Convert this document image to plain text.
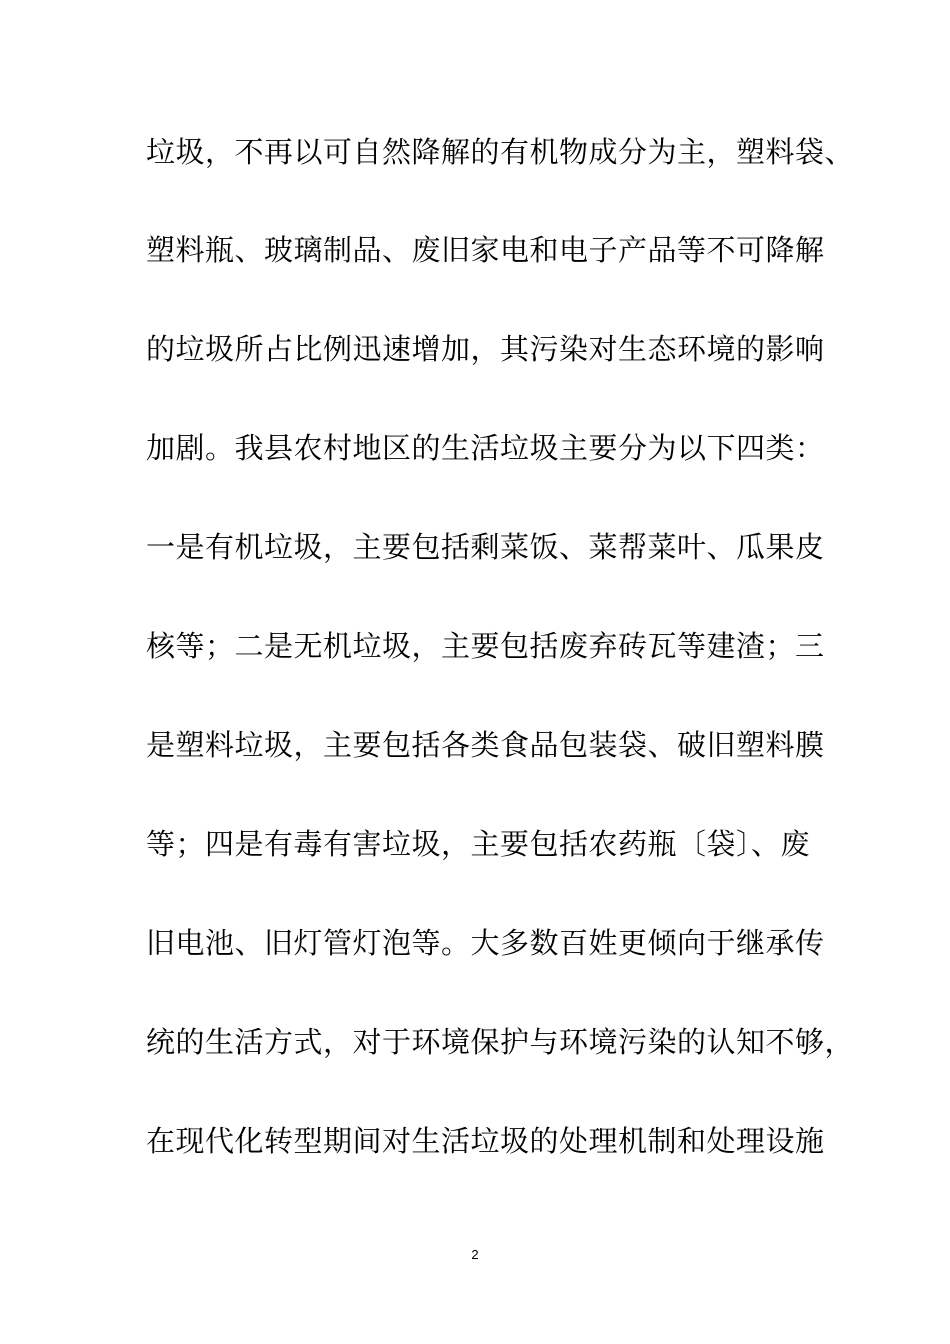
垃圾，不再以可自然降解的有机物成分为主，塑料袋、
塑料瓶、玻璃制品、废旧家电和电子产品等不可降解
的垃圾所占比例迅速增加，其污染对生态环境的影响
加剧。我县农村地区的生活垃圾主要分为以下四类：
一是有机垃圾，主要包括剩菜饭、菜帮菜叶、瓜果皮
核等；二是无机垃圾，主要包括废弃砖瓦等建渣；三
是塑料垃圾，主要包括各类食品包装袋、破旧塑料膜
等；四是有毒有害垃圾，主要包括农药瓶〔袋〕、废
旧电池、旧灯管灯泡等。大多数百姓更倾向于继承传
统的生活方式，对于环境保护与环境污染的认知不够，
在现代化转型期间对生活垃圾的处理机制和处理设施
2
